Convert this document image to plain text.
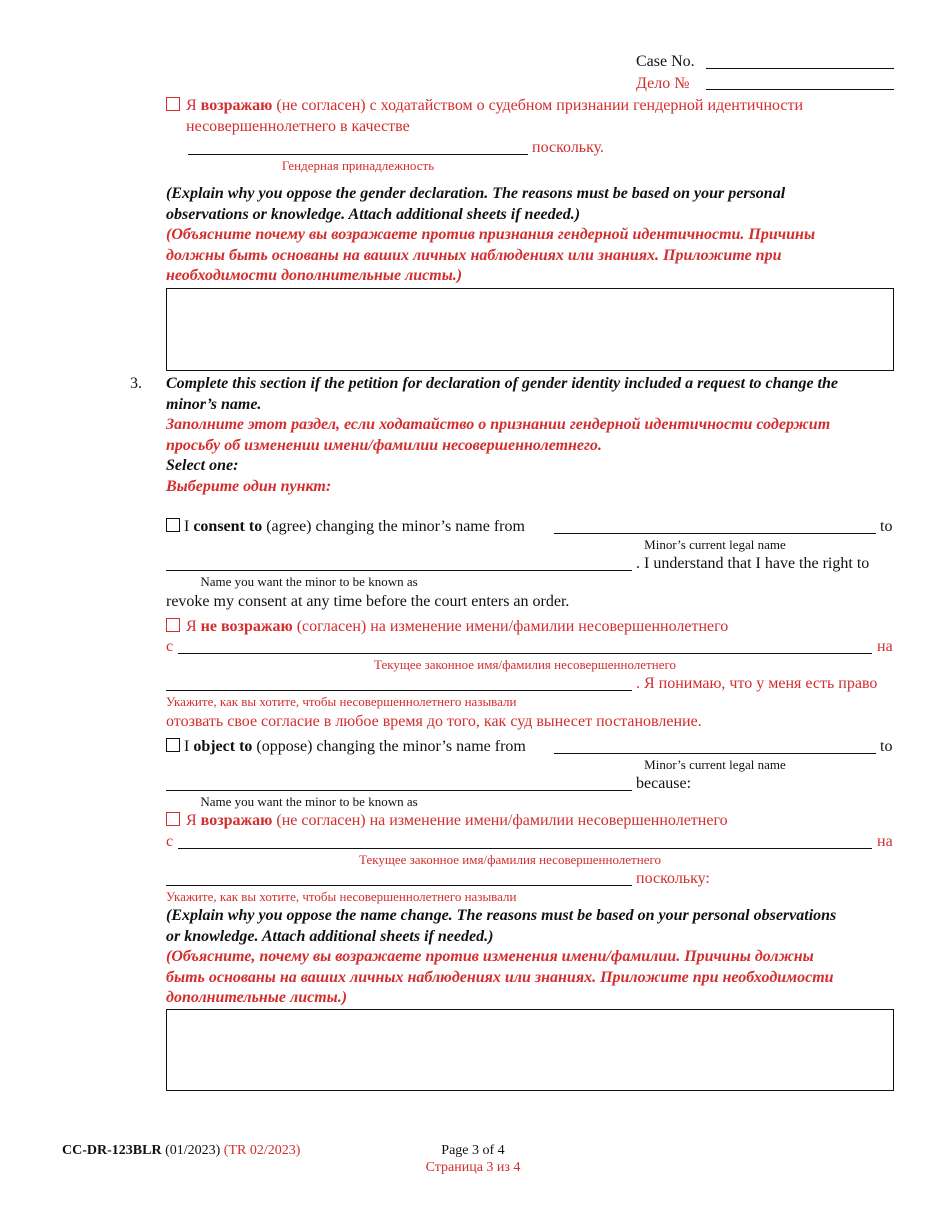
Case No.
Дело №
Я возражаю (не согласен) с ходатайством о судебном признании гендерной идентичности
несовершеннолетнего в качестве
поскольку.
Гендерная принадлежность
(Explain why you oppose the gender declaration. The reasons must be based on your personal
observations or knowledge. Attach additional sheets if needed.)
(Объясните почему вы возражаете против признания гендерной идентичности. Причины
должны быть основаны на ваших личных наблюдениях или знаниях. Приложите при
необходимости дополнительные листы.)
3. Complete this section if the petition for declaration of gender identity included a request to change the
minor’s name.
Заполните этот раздел, если ходатайство о признании гендерной идентичности содержит
просьбу об изменении имени/фамилии несовершеннолетнего.
Select one:
Выберите один пункт:
I consent to (agree) changing the minor’s name from	to
Minor’s current legal name
. I understand that I have the right to
Name you want the minor to be known as
revoke my consent at any time before the court enters an order.
Я не возражаю (согласен) на изменение имени/фамилии несовершеннолетнего
с	на
Текущее законное имя/фамилия несовершеннолетнего
. Я понимаю, что у меня есть право
Укажите, как вы хотите, чтобы несовершеннолетнего называли
отозвать свое согласие в любое время до того, как суд вынесет постановление.
I object to (oppose) changing the minor’s name from	to
Minor’s current legal name
because:
Name you want the minor to be known as
Я возражаю (не согласен) на изменение имени/фамилии несовершеннолетнего
с	на
Текущее законное имя/фамилия несовершеннолетнего
поскольку:
Укажите, как вы хотите, чтобы несовершеннолетнего называли
(Explain why you oppose the name change. The reasons must be based on your personal observations
or knowledge. Attach additional sheets if needed.)
(Объясните, почему вы возражаете против изменения имени/фамилии. Причины должны
быть основаны на ваших личных наблюдениях или знаниях. Приложите при необходимости
дополнительные листы.)
CC-DR-123BLR (01/2023) (TR 02/2023)	Page 3 of 4
Страница 3 из 4
